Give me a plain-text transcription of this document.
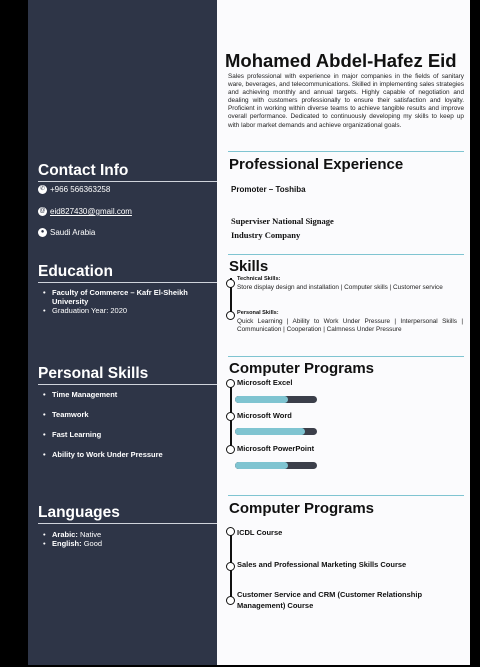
Contact Info
✆ +966 566363258
@ eid827430@gmail.com
● Saudi Arabia
Education
• Faculty of Commerce – Kafr El-Sheikh University
• Graduation Year: 2020
Personal Skills
• Time Management
• Teamwork
• Fast Learning
• Ability to Work Under Pressure
Languages
• Arabic: Native
• English: Good
Mohamed Abdel-Hafez Eid
Sales professional with experience in major companies in the fields of sanitary ware, beverages, and telecommunications. Skilled in implementing sales strategies and achieving monthly and annual targets. Highly capable of negotiation and dealing with customers professionally to ensure their satisfaction and loyalty. Proficient in working within diverse teams to achieve tangible results and improve overall performance. Dedicated to continuously developing my skills to keep up with labor market demands and achieve organizational goals.
Professional Experience
Promoter – Toshiba
Superviser National Signage
Industry Company
Skills
Technical Skills:
Store display design and installation | Computer skills | Customer service
Personal Skills:
Quick Learning | Ability to Work Under Pressure | Interpersonal Skills | Communication | Cooperation | Calmness Under Pressure
Computer Programs
Microsoft Excel
Microsoft Word
Microsoft PowerPoint
Computer Programs
ICDL Course
Sales and Professional Marketing Skills Course
Customer Service and CRM (Customer Relationship Management) Course
